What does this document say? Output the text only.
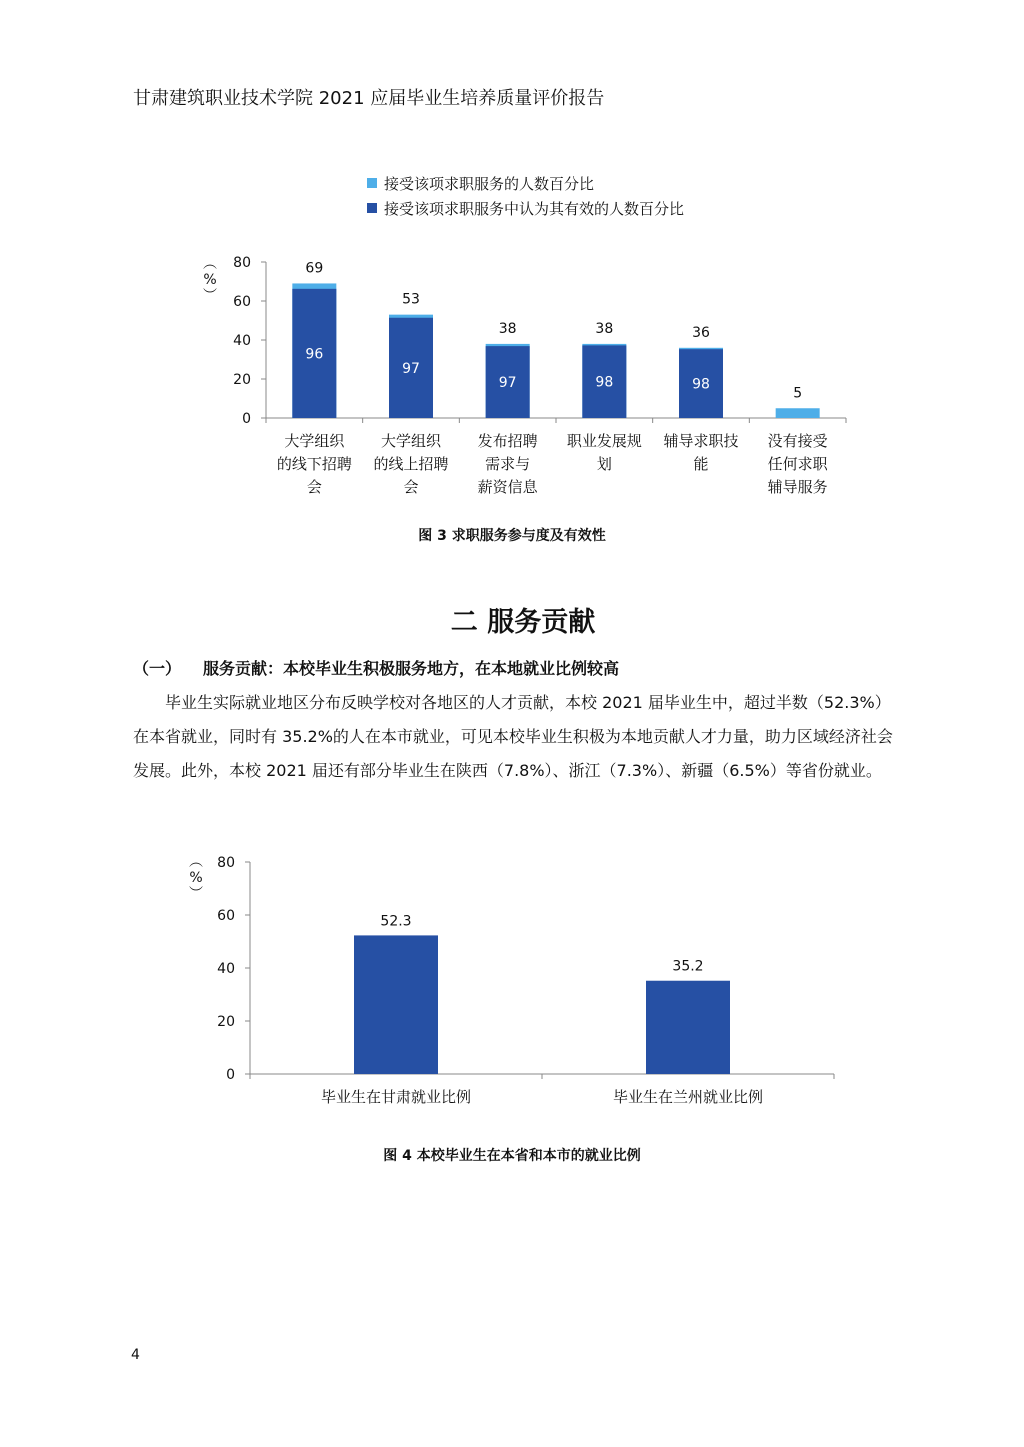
甘肃建筑职业技术学院 2021 应届毕业生培养质量评价报告
接受该项求职服务的人数百分比
接受该项求职服务中认为其有效的人数百分比
0
20
40
60
80
︵
%
︶
96
69
大学组织
的线下招聘
会
97
53
大学组织
的线上招聘
会
97
38
发布招聘
需求与
薪资信息
98
38
职业发展规
划
98
36
辅导求职技
能
5
没有接受
任何求职
辅导服务
图 3 求职服务参与度及有效性
二 服务贡献
（一） 服务贡献：本校毕业生积极服务地方，在本地就业比例较高
毕业生实际就业地区分布反映学校对各地区的人才贡献，本校 2021 届毕业生中，超过半数（52.3%）在本省就业，同时有 35.2%的人在本市就业，可见本校毕业生积极为本地贡献人才力量，助力区域经济社会发展。此外，本校 2021 届还有部分毕业生在陕西（7.8%）、浙江（7.3%）、新疆（6.5%）等省份就业。
0
20
40
60
80
︵
%
︶
52.3
毕业生在甘肃就业比例
35.2
毕业生在兰州就业比例
图 4 本校毕业生在本省和本市的就业比例
4
